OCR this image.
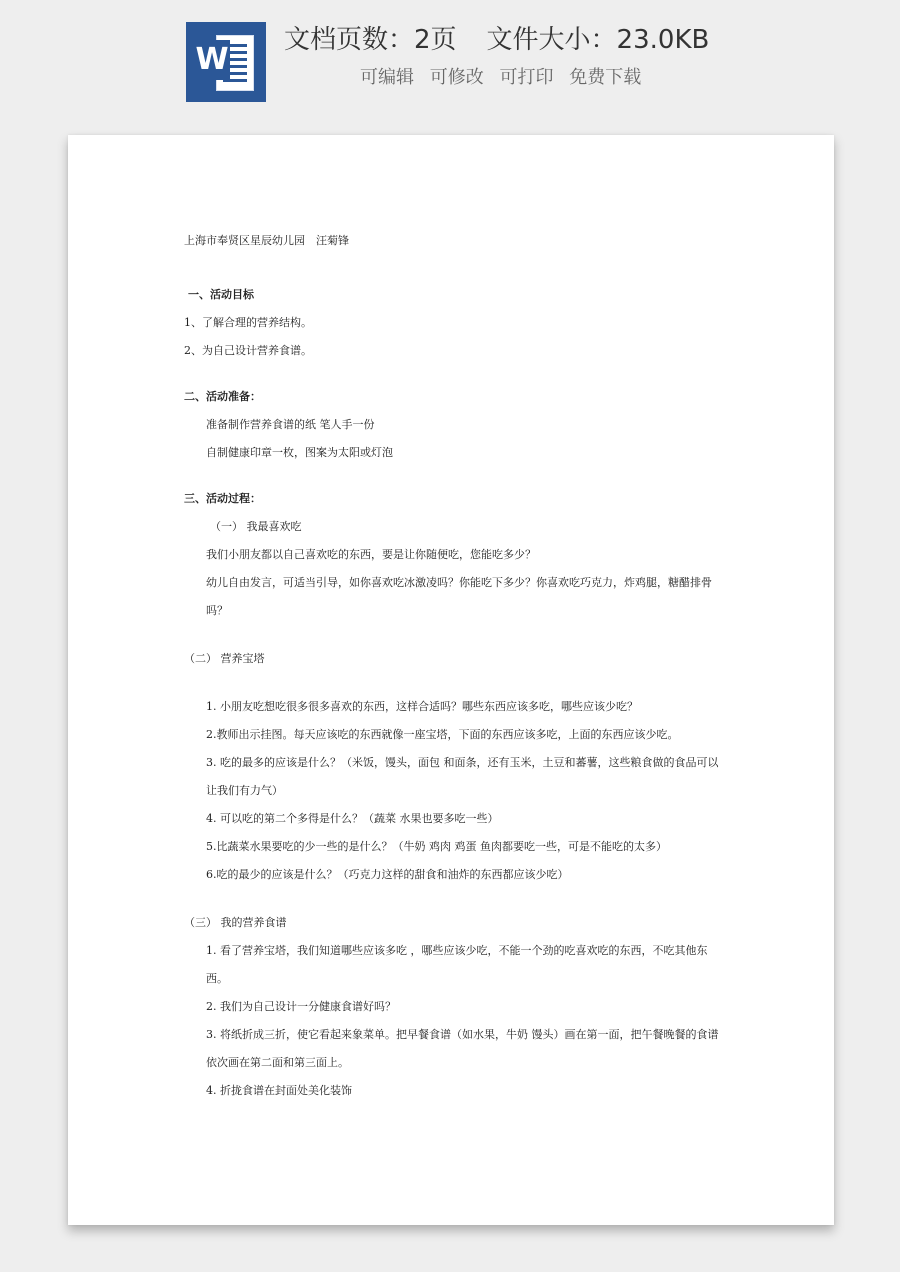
W
文档页数：2页 文件大小：23.0KB
可编辑 可修改 可打印 免费下载
上海市奉贤区星辰幼儿园　汪菊锋
一、活动目标
1、了解合理的营养结构。
2、为自己设计营养食谱。
二、活动准备：
准备制作营养食谱的纸 笔人手一份
自制健康印章一枚，图案为太阳或灯泡
三、活动过程：
（一） 我最喜欢吃
我们小朋友都以自己喜欢吃的东西，要是让你随便吃，您能吃多少？
幼儿自由发言，可适当引导，如你喜欢吃冰激凌吗？你能吃下多少？你喜欢吃巧克力，炸鸡腿，糖醋排骨吗？
（二） 营养宝塔
1. 小朋友吃想吃很多很多喜欢的东西，这样合适吗？哪些东西应该多吃，哪些应该少吃？
2.教师出示挂图。每天应该吃的东西就像一座宝塔，下面的东西应该多吃，上面的东西应该少吃。
3. 吃的最多的应该是什么？（米饭，馒头，面包 和面条，还有玉米，土豆和蕃薯，这些粮食做的食品可以让我们有力气）
4. 可以吃的第二个多得是什么？（蔬菜 水果也要多吃一些）
5.比蔬菜水果要吃的少一些的是什么？（牛奶 鸡肉 鸡蛋 鱼肉都要吃一些，可是不能吃的太多）
6.吃的最少的应该是什么？（巧克力这样的甜食和油炸的东西都应该少吃）
（三） 我的营养食谱
1. 看了营养宝塔，我们知道哪些应该多吃 ，哪些应该少吃，不能一个劲的吃喜欢吃的东西，不吃其他东西。
2. 我们为自己设计一分健康食谱好吗？
3. 将纸折成三折，使它看起来象菜单。把早餐食谱（如水果，牛奶 馒头）画在第一面，把午餐晚餐的食谱依次画在第二面和第三面上。
4. 折拢食谱在封面处美化装饰
